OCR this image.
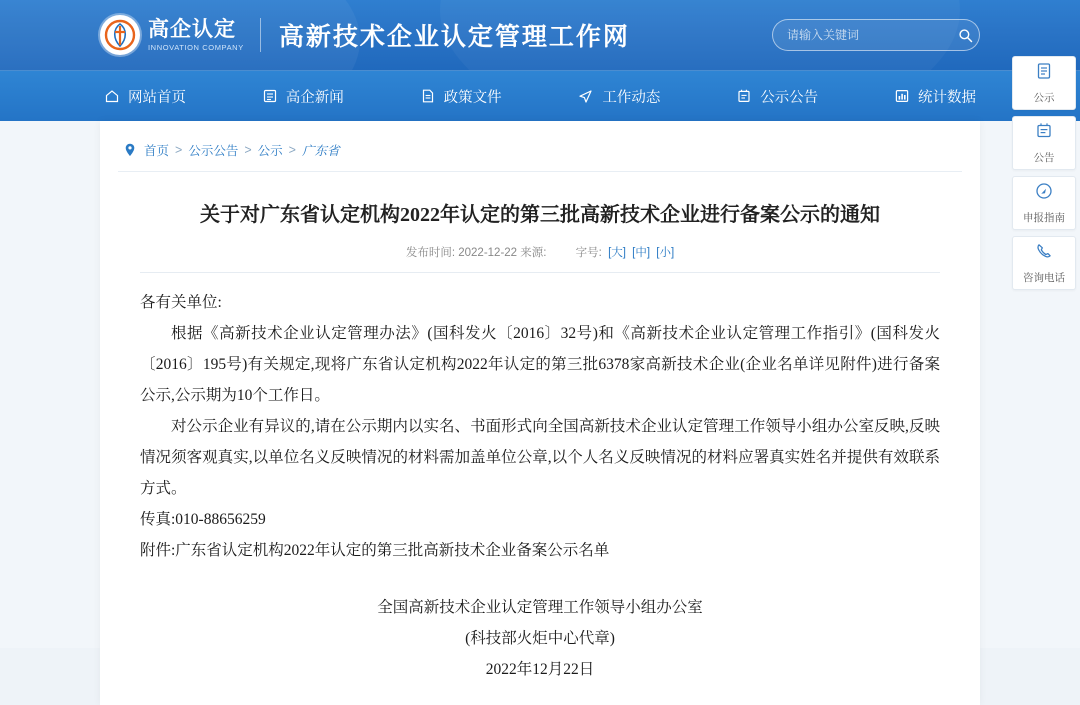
高企认定
INNOVATION COMPANY 高新技术企业认定管理工作网
请输入关键词
网站首页	高企新闻	政策文件	工作动态	公示公告	统计数据
首页 > 公示公告 > 公示 > 广东省
关于对广东省认定机构2022年认定的第三批高新技术企业进行备案公示的通知
发布时间: 2022-12-22 来源:	字号: [大] [中] [小]

各有关单位:

根据《高新技术企业认定管理办法》(国科发火〔2016〕32号)和《高新技术企业认定管理工作指引》(国科发火〔2016〕195号)有关规定,现将广东省认定机构2022年认定的第三批6378家高新技术企业(企业名单详见附件)进行备案公示,公示期为10个工作日。

对公示企业有异议的,请在公示期内以实名、书面形式向全国高新技术企业认定管理工作领导小组办公室反映,反映情况须客观真实,以单位名义反映情况的材料需加盖单位公章,以个人名义反映情况的材料应署真实姓名并提供有效联系方式。

传真:010-88656259

附件:广东省认定机构2022年认定的第三批高新技术企业备案公示名单

全国高新技术企业认定管理工作领导小组办公室

(科技部火炬中心代章)

2022年12月22日

公示
公告
申报指南
咨询电话
